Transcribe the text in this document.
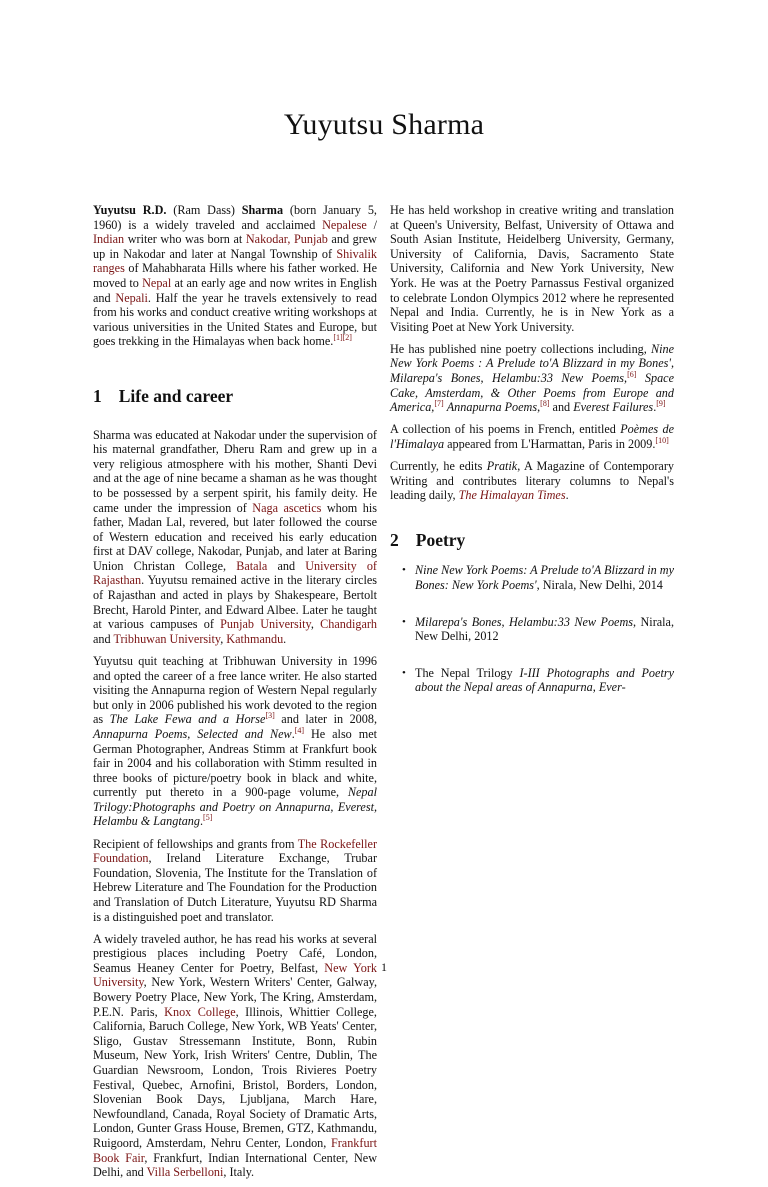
Yuyutsu Sharma

Yuyutsu R.D. (Ram Dass) Sharma (born January 5, 1960) is a widely traveled and acclaimed Nepalese / Indian writer who was born at Nakodar, Punjab and grew up in Nakodar and later at Nangal Township of Shivalik ranges of Mahabharata Hills where his father worked. He moved to Nepal at an early age and now writes in English and Nepali. Half the year he travels extensively to read from his works and conduct creative writing workshops at various universities in the United States and Europe, but goes trekking in the Himalayas when back home.[1][2]

1 Life and career

Sharma was educated at Nakodar under the supervision of his maternal grandfather, Dheru Ram and grew up in a very religious atmosphere with his mother, Shanti Devi and at the age of nine became a shaman as he was thought to be possessed by a serpent spirit, his family deity. He came under the impression of Naga ascetics whom his father, Madan Lal, revered, but later followed the course of Western education and received his early education first at DAV college, Nakodar, Punjab, and later at Baring Union Christan College, Batala and University of Rajasthan. Yuyutsu remained active in the literary circles of Rajasthan and acted in plays by Shakespeare, Bertolt Brecht, Harold Pinter, and Edward Albee. Later he taught at various campuses of Punjab University, Chandigarh and Tribhuwan University, Kathmandu.

Yuyutsu quit teaching at Tribhuwan University in 1996 and opted the career of a free lance writer. He also started visiting the Annapurna region of Western Nepal regularly but only in 2006 published his work devoted to the region as The Lake Fewa and a Horse[3] and later in 2008, Annapurna Poems, Selected and New.[4] He also met German Photographer, Andreas Stimm at Frankfurt book fair in 2004 and his collaboration with Stimm resulted in three books of picture/poetry book in black and white, currently put thereto in a 900-page volume, Nepal Trilogy:Photographs and Poetry on Annapurna, Everest, Helambu & Langtang.[5]

Recipient of fellowships and grants from The Rockefeller Foundation, Ireland Literature Exchange, Trubar Foundation, Slovenia, The Institute for the Translation of Hebrew Literature and The Foundation for the Production and Translation of Dutch Literature, Yuyutsu RD Sharma is a distinguished poet and translator.

A widely traveled author, he has read his works at several prestigious places including Poetry Café, London, Seamus Heaney Center for Poetry, Belfast, New York University, New York, Western Writers' Center, Galway, Bowery Poetry Place, New York, The Kring, Amsterdam, P.E.N. Paris, Knox College, Illinois, Whittier College, California, Baruch College, New York, WB Yeats' Center, Sligo, Gustav Stressemann Institute, Bonn, Rubin Museum, New York, Irish Writers' Centre, Dublin, The Guardian Newsroom, London, Trois Rivieres Poetry Festival, Quebec, Arnofini, Bristol, Borders, London, Slovenian Book Days, Ljubljana, March Hare, Newfoundland, Canada, Royal Society of Dramatic Arts, London, Gunter Grass House, Bremen, GTZ, Kathmandu, Ruigoord, Amsterdam, Nehru Center, London, Frankfurt Book Fair, Frankfurt, Indian International Center, New Delhi, and Villa Serbelloni, Italy.

He has held workshop in creative writing and translation at Queen's University, Belfast, University of Ottawa and South Asian Institute, Heidelberg University, Germany, University of California, Davis, Sacramento State University, California and New York University, New York. He was at the Poetry Parnassus Festival organized to celebrate London Olympics 2012 where he represented Nepal and India. Currently, he is in New York as a Visiting Poet at New York University.

He has published nine poetry collections including, Nine New York Poems : A Prelude to'A Blizzard in my Bones', Milarepa's Bones, Helambu:33 New Poems,[6] Space Cake, Amsterdam, & Other Poems from Europe and America,[7] Annapurna Poems,[8] and Everest Failures.[9]

A collection of his poems in French, entitled Poèmes de l'Himalaya appeared from L'Harmattan, Paris in 2009.[10]

Currently, he edits Pratik, A Magazine of Contemporary Writing and contributes literary columns to Nepal's leading daily, The Himalayan Times.

2 Poetry
• Nine New York Poems: A Prelude to'A Blizzard in my Bones: New York Poems', Nirala, New Delhi, 2014
• Milarepa's Bones, Helambu:33 New Poems, Nirala, New Delhi, 2012
• The Nepal Trilogy I-III Photographs and Poetry about the Nepal areas of Annapurna, Ever-
1
